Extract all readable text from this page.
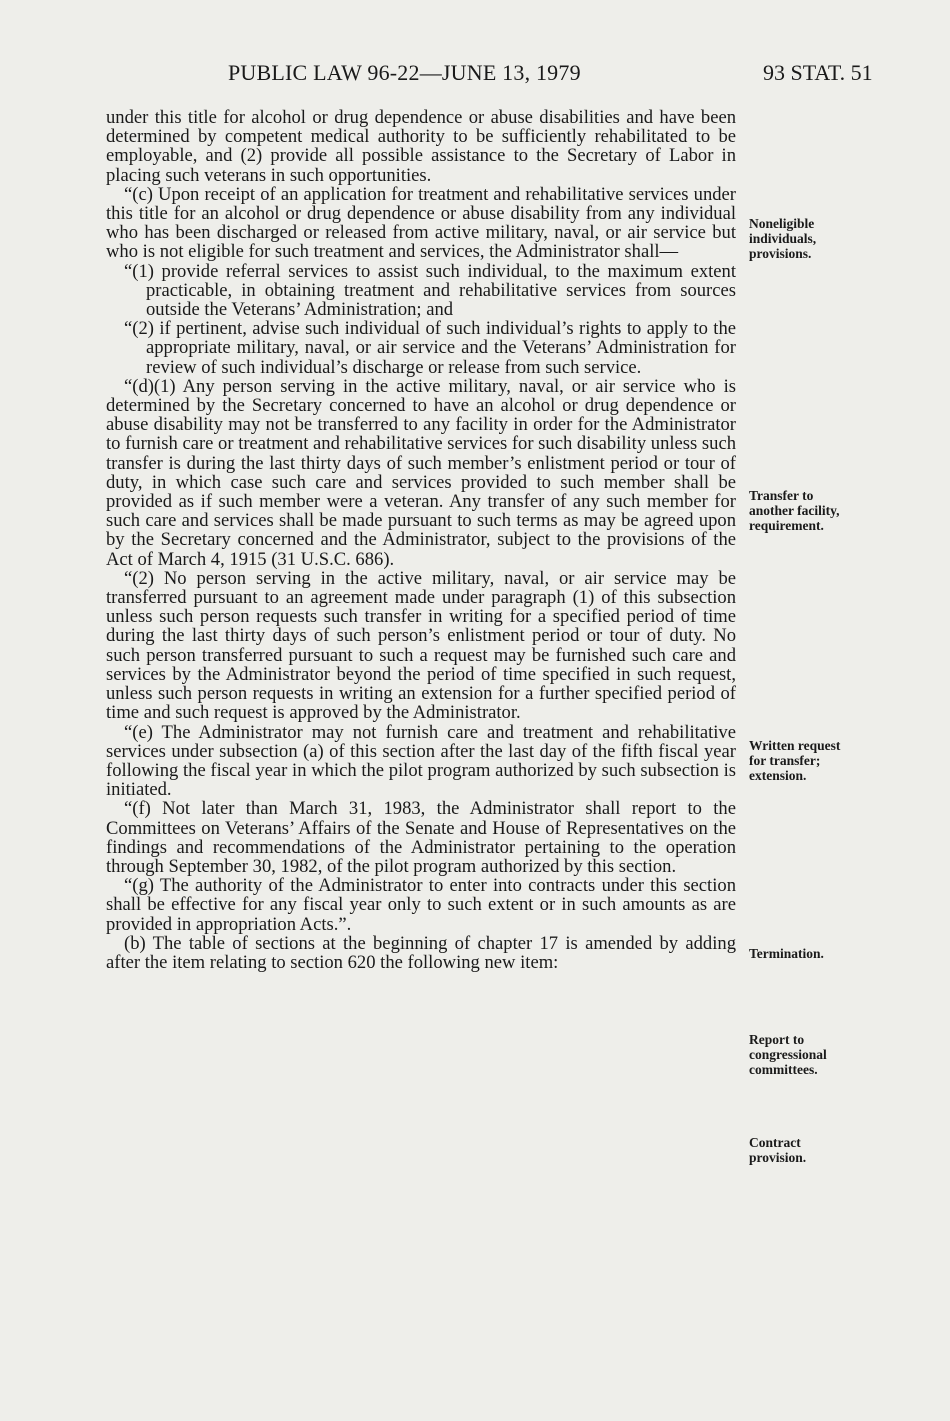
PUBLIC LAW 96-22—JUNE 13, 1979	93 STAT. 51

under this title for alcohol or drug dependence or abuse disabilities and have been determined by competent medical authority to be sufficiently rehabilitated to be employable, and (2) provide all possible assistance to the Secretary of Labor in placing such veterans in such opportunities.

“(c) Upon receipt of an application for treatment and rehabilitative services under this title for an alcohol or drug dependence or abuse disability from any individual who has been discharged or released from active military, naval, or air service but who is not eligible for such treatment and services, the Administrator shall—

“(1) provide referral services to assist such individual, to the maximum extent practicable, in obtaining treatment and rehabilitative services from sources outside the Veterans’ Administration; and

“(2) if pertinent, advise such individual of such individual’s rights to apply to the appropriate military, naval, or air service and the Veterans’ Administration for review of such individual’s discharge or release from such service.

“(d)(1) Any person serving in the active military, naval, or air service who is determined by the Secretary concerned to have an alcohol or drug dependence or abuse disability may not be transferred to any facility in order for the Administrator to furnish care or treatment and rehabilitative services for such disability unless such transfer is during the last thirty days of such member’s enlistment period or tour of duty, in which case such care and services provided to such member shall be provided as if such member were a veteran. Any transfer of any such member for such care and services shall be made pursuant to such terms as may be agreed upon by the Secretary concerned and the Administrator, subject to the provisions of the Act of March 4, 1915 (31 U.S.C. 686).

“(2) No person serving in the active military, naval, or air service may be transferred pursuant to an agreement made under paragraph (1) of this subsection unless such person requests such transfer in writing for a specified period of time during the last thirty days of such person’s enlistment period or tour of duty. No such person transferred pursuant to such a request may be furnished such care and services by the Administrator beyond the period of time specified in such request, unless such person requests in writing an extension for a further specified period of time and such request is approved by the Administrator.

“(e) The Administrator may not furnish care and treatment and rehabilitative services under subsection (a) of this section after the last day of the fifth fiscal year following the fiscal year in which the pilot program authorized by such subsection is initiated.

“(f) Not later than March 31, 1983, the Administrator shall report to the Committees on Veterans’ Affairs of the Senate and House of Representatives on the findings and recommendations of the Administrator pertaining to the operation through September 30, 1982, of the pilot program authorized by this section.

“(g) The authority of the Administrator to enter into contracts under this section shall be effective for any fiscal year only to such extent or in such amounts as are provided in appropriation Acts.”.

(b) The table of sections at the beginning of chapter 17 is amended by adding after the item relating to section 620 the following new item:

Noneligible
individuals,
provisions.
Transfer to
another facility,
requirement.
Written request
for transfer;
extension.
Termination.
Report to
congressional
committees.
Contract
provision.
